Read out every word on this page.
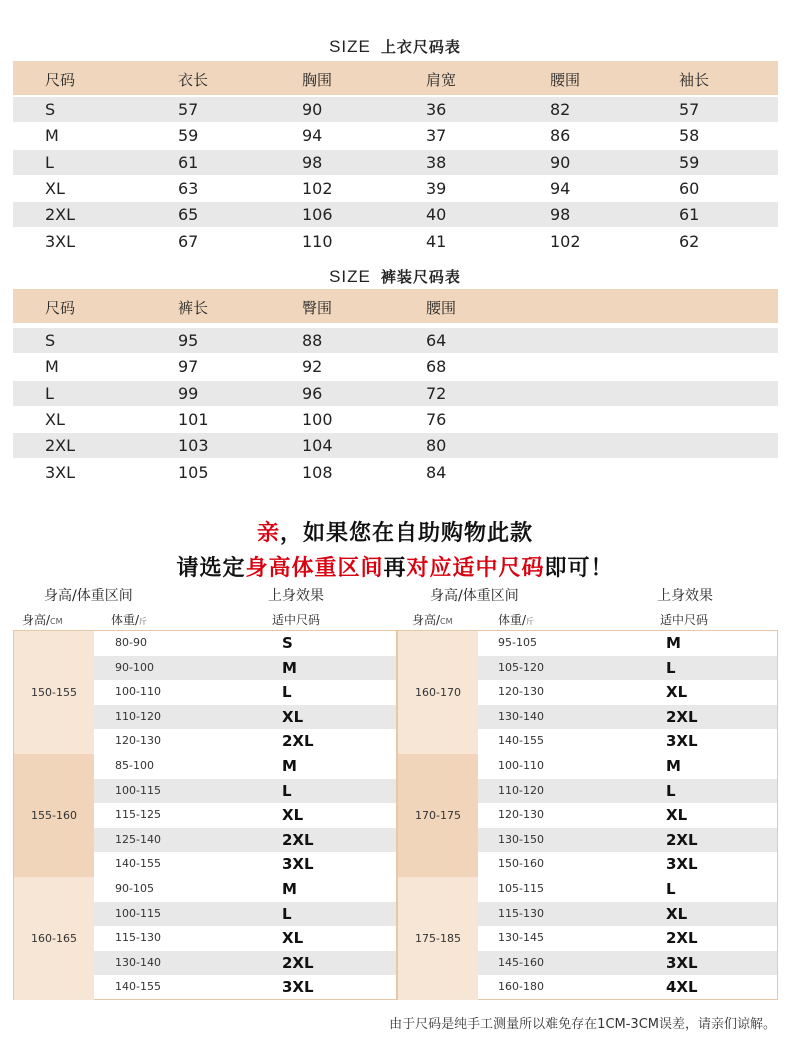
SIZE 上衣尺码表
尺码	衣长	胸围	肩宽	腰围	袖长
S	57	90	36	82	57
M	59	94	37	86	58
L	61	98	38	90	59
XL	63	102	39	94	60
2XL	65	106	40	98	61
3XL	67	110	41	102	62
SIZE 裤装尺码表
尺码	裤长	臀围	腰围
S	95	88	64
M	97	92	68
L	99	96	72
XL	101	100	76
2XL	103	104	80
3XL	105	108	84
亲，如果您在自助购物此款
请选定身高体重区间再对应适中尺码即可！
身高/体重区间	上身效果	身高/体重区间	上身效果
身高/CM	体重/斤	适中尺码	身高/CM	体重/斤	适中尺码
150-155
80-90	S
90-100	M
100-110	L
110-120	XL
120-130	2XL
155-160
85-100	M
100-115	L
115-125	XL
125-140	2XL
140-155	3XL
160-165
90-105	M
100-115	L
115-130	XL
130-140	2XL
140-155	3XL
160-170
95-105	M
105-120	L
120-130	XL
130-140	2XL
140-155	3XL
170-175
100-110	M
110-120	L
120-130	XL
130-150	2XL
150-160	3XL
175-185
105-115	L
115-130	XL
130-145	2XL
145-160	3XL
160-180	4XL
由于尺码是纯手工测量所以难免存在1CM-3CM误差，请亲们谅解。
